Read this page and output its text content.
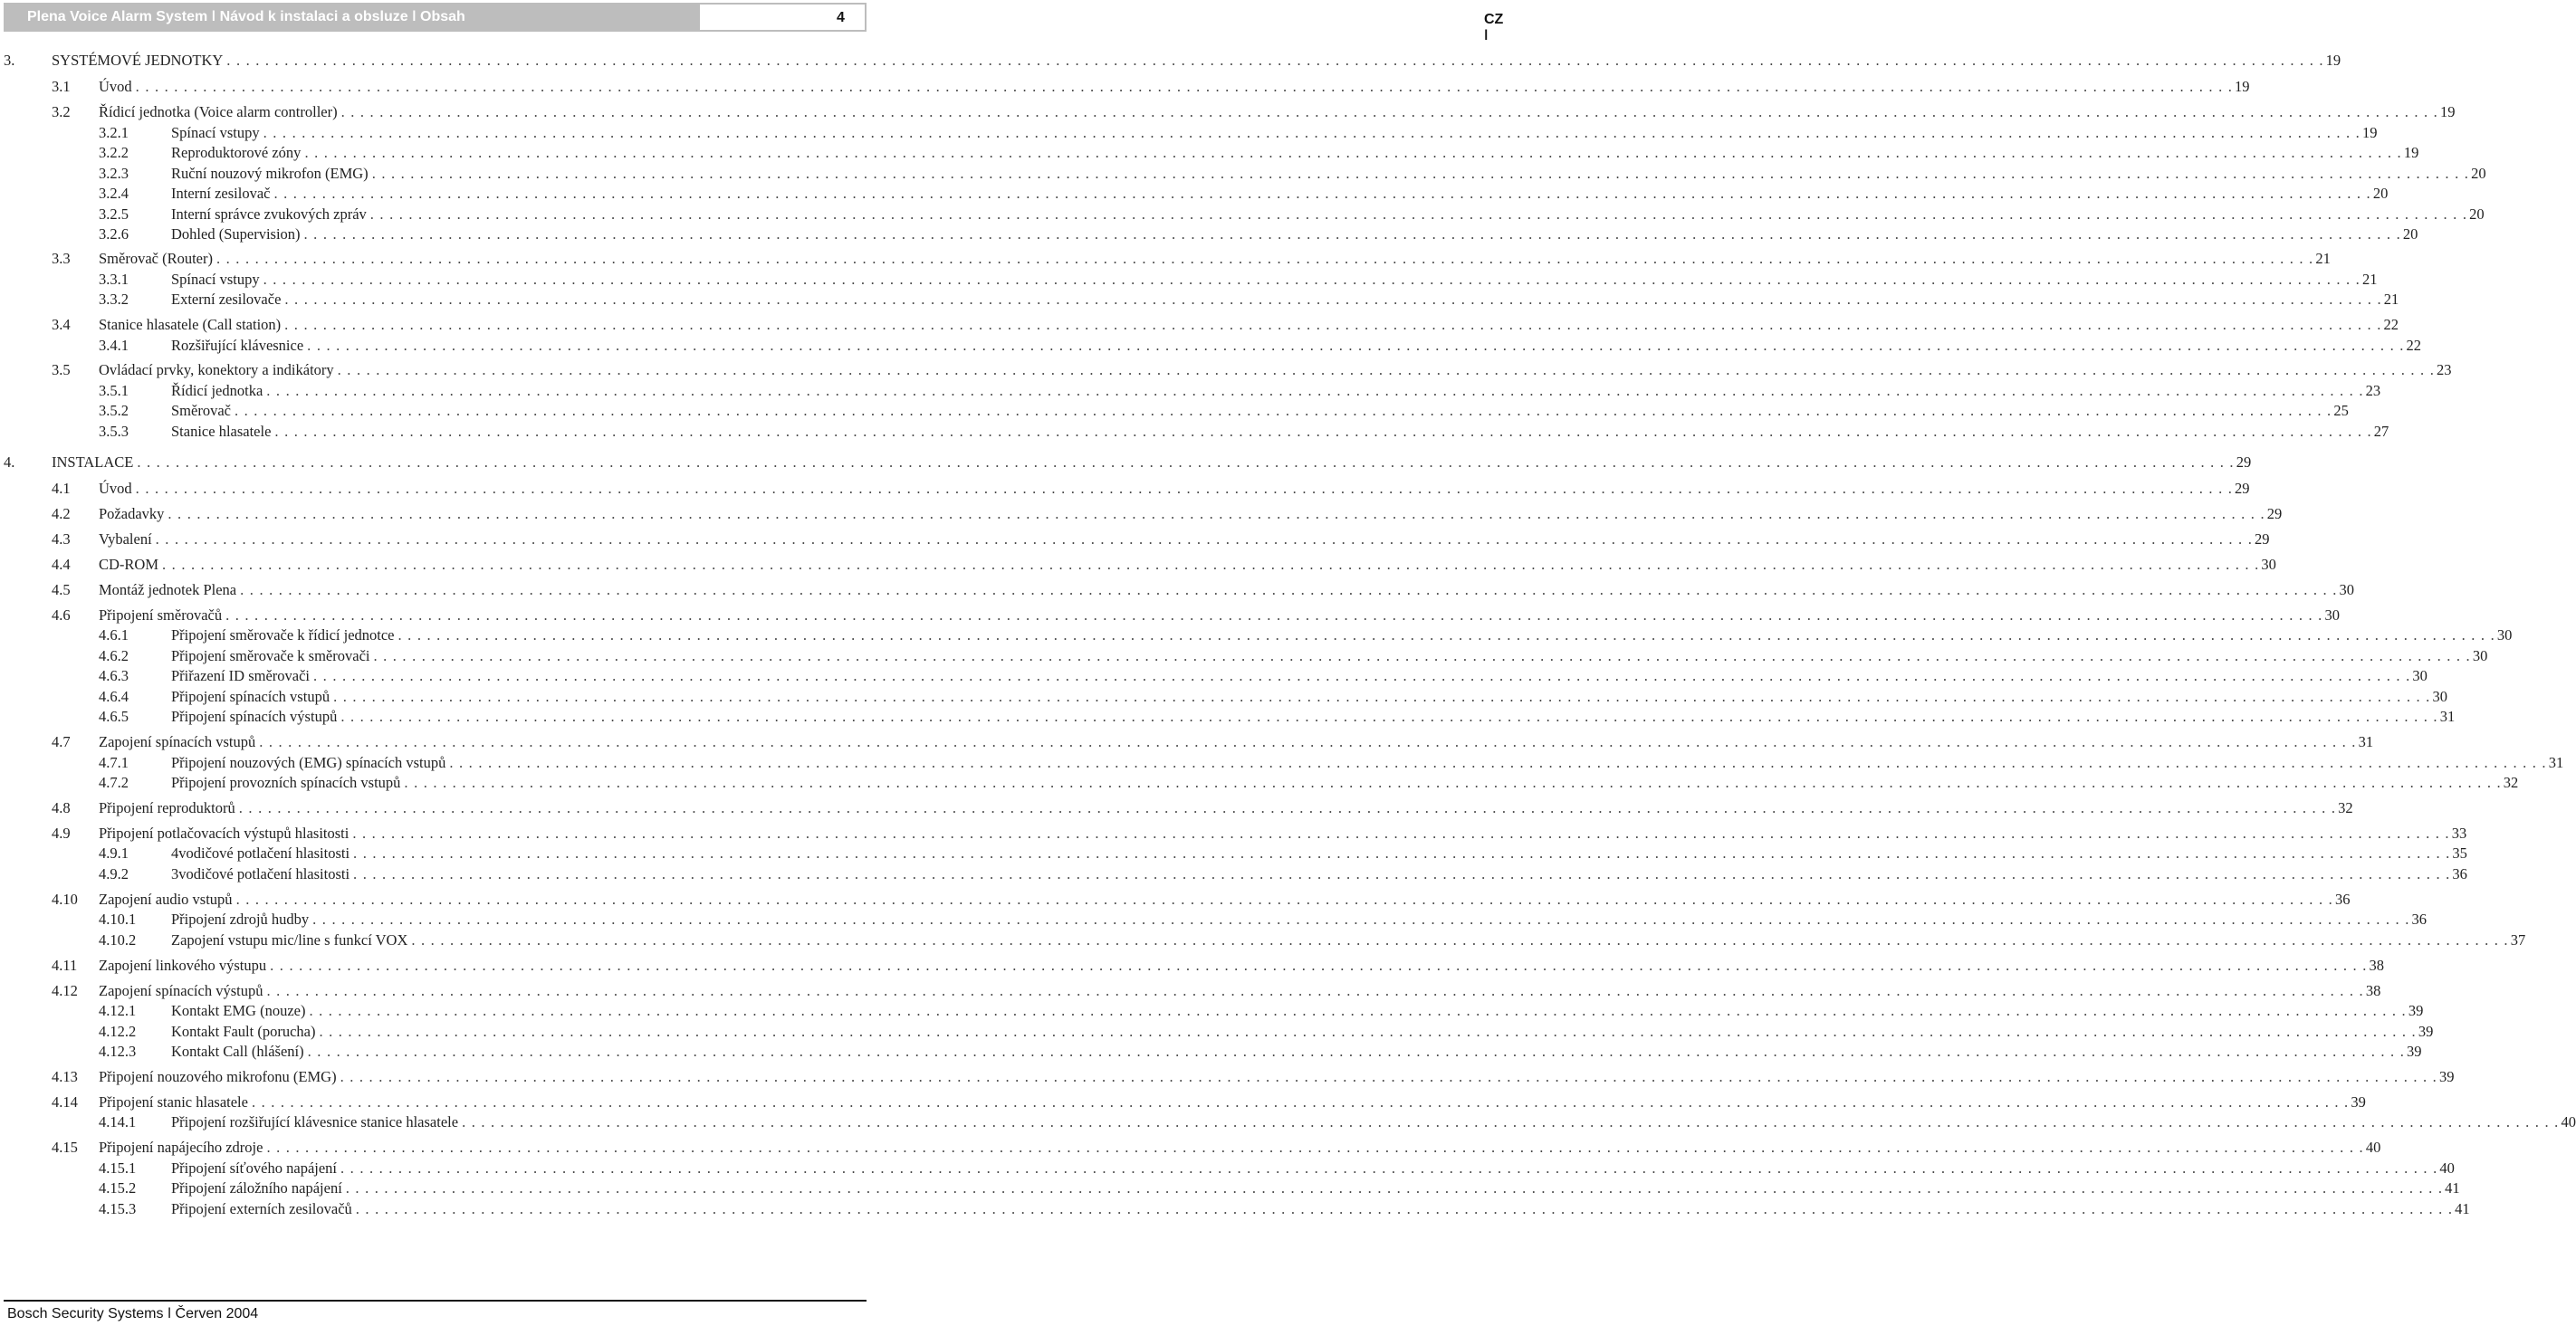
Plena Voice Alarm System ǀ Návod k instalaci a obsluze ǀ Obsah	CZ ǀ
4
3. SYSTÉMOVÉ JEDNOTKY . . .	19
3.1 Úvod . . .	19
3.2 Řídicí jednotka (Voice alarm controller) . . .	19
3.2.1	Spínací vstupy . . .	19
3.2.2	Reproduktorové zóny . . .	19
3.2.3	Ruční nouzový mikrofon (EMG) . . .	20
3.2.4	Interní zesilovač . . .	20
3.2.5	Interní správce zvukových zpráv . . .	20
3.2.6	Dohled (Supervision) . . .	20
3.3 Směrovač (Router) . . .	21
3.3.1	Spínací vstupy . . .	21
3.3.2	Externí zesilovače . . .	21
3.4 Stanice hlasatele (Call station) . . .	22
3.4.1	Rozšiřující klávesnice . . .	22
3.5 Ovládací prvky, konektory a indikátory . . .	23
3.5.1	Řídicí jednotka . . .	23
3.5.2	Směrovač . . .	25
3.5.3	Stanice hlasatele . . .	27
4. INSTALACE . . .	29
4.1 Úvod . . .	29
4.2 Požadavky . . .	29
4.3 Vybalení . . .	29
4.4 CD-ROM . . .	30
4.5 Montáž jednotek Plena . . .	30
4.6 Připojení směrovačů . . .	30
4.6.1	Připojení směrovače k řídicí jednotce . . .	30
4.6.2	Připojení směrovače k směrovači . . .	30
4.6.3	Přiřazení ID směrovači . . .	30
4.6.4	Připojení spínacích vstupů . . .	30
4.6.5	Připojení spínacích výstupů . . .	31
4.7 Zapojení spínacích vstupů . . .	31
4.7.1	Připojení nouzových (EMG) spínacích vstupů . . .	31
4.7.2	Připojení provozních spínacích vstupů . . .	32
4.8 Připojení reproduktorů . . .	32
4.9 Připojení potlačovacích výstupů hlasitosti . . .	33
4.9.1	4vodičové potlačení hlasitosti . . .	35
4.9.2	3vodičové potlačení hlasitosti . . .	36
4.10 Zapojení audio vstupů . . .	36
4.10.1 Připojení zdrojů hudby . . .	36
4.10.2 Zapojení vstupu mic/line s funkcí VOX . . .	37
4.11 Zapojení linkového výstupu . . .	38
4.12 Zapojení spínacích výstupů . . .	38
4.12.1 Kontakt EMG (nouze) . . .	39
4.12.2 Kontakt Fault (porucha) . . .	39
4.12.3 Kontakt Call (hlášení) . . .	39
4.13 Připojení nouzového mikrofonu (EMG) . . .	39
4.14 Připojení stanic hlasatele . . .	39
4.14.1 Připojení rozšiřující klávesnice stanice hlasatele . . .	40
4.15 Připojení napájecího zdroje . . .	40
4.15.1 Připojení síťového napájení . . .	40
4.15.2 Připojení záložního napájení . . .	41
4.15.3 Připojení externích zesilovačů . . .	41
Bosch Security Systems ǀ Červen 2004
